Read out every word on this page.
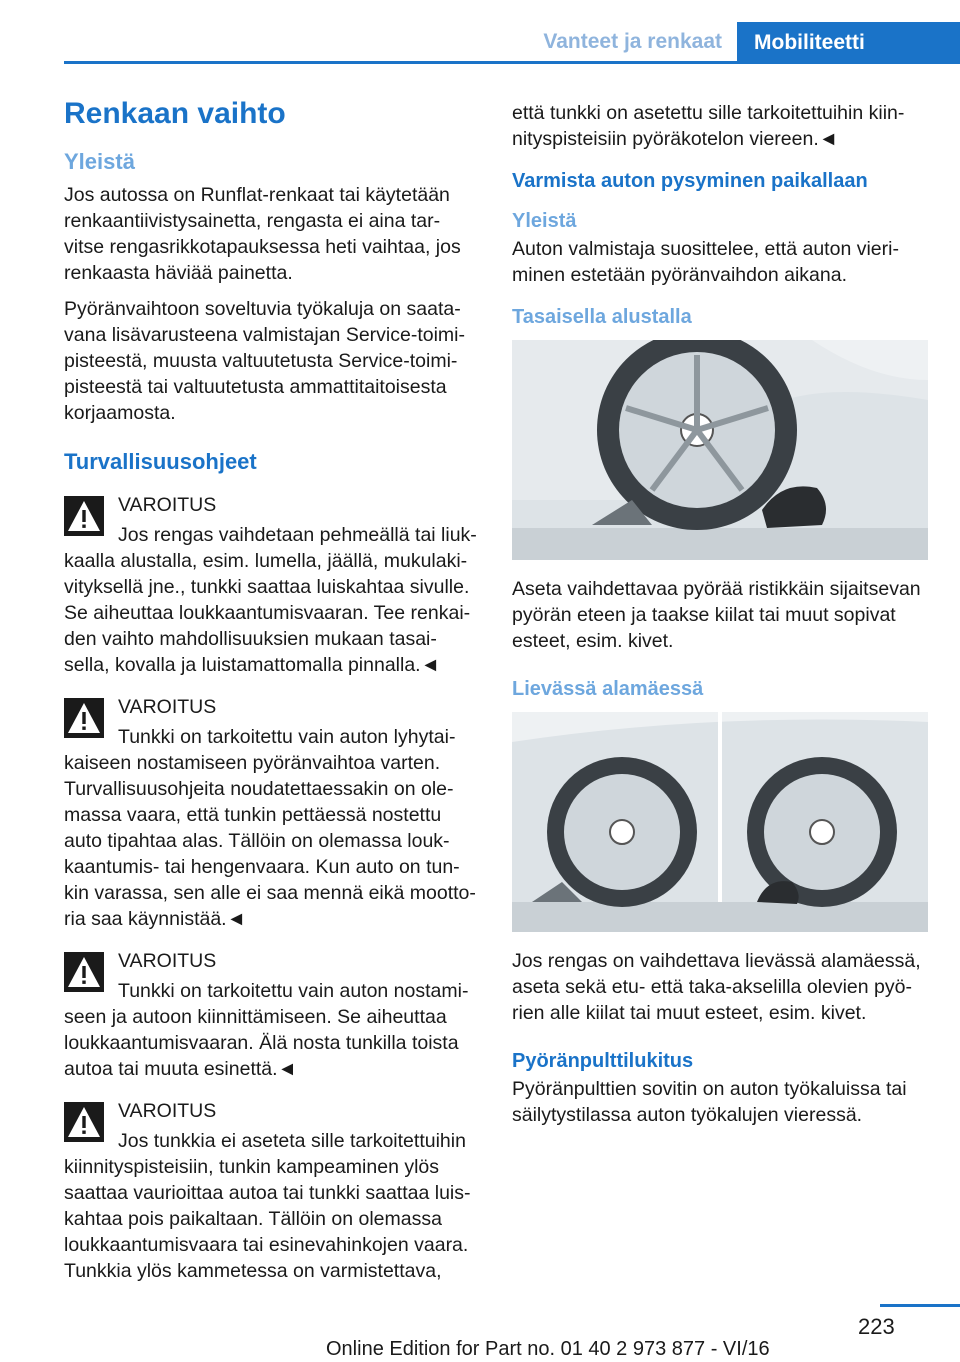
Vanteet ja renkaat	Mobiliteetti
Renkaan vaihto
Yleistä

Jos autossa on Runflat-renkaat tai käytetään renkaantiivistysainetta, rengasta ei aina tar-vitse rengasrikkotapauksessa heti vaihtaa, jos renkaasta häviää painetta.

Pyöränvaihtoon soveltuvia työkaluja on saata-vana lisävarusteena valmistajan Service-toimi-pisteestä, muusta valtuutetusta Service-toimi-pisteestä tai valtuutetusta ammattitaitoisesta korjaamosta.

Turvallisuusohjeet
VAROITUS
Jos rengas vaihdetaan pehmeällä tai liuk-kaalla alustalla, esim. lumella, jäällä, mukulaki-vityksellä jne., tunkki saattaa luiskahtaa sivulle. Se aiheuttaa loukkaantumisvaaran. Tee renkai-den vaihto mahdollisuuksien mukaan tasai-sella, kovalla ja luistamattomalla pinnalla.◄
VAROITUS
Tunkki on tarkoitettu vain auton lyhytai-kaiseen nostamiseen pyöränvaihtoa varten. Turvallisuusohjeita noudatettaessakin on ole-massa vaara, että tunkin pettäessä nostettu auto tipahtaa alas. Tällöin on olemassa louk-kaantumis- tai hengenvaara. Kun auto on tun-kin varassa, sen alle ei saa mennä eikä mootto-ria saa käynnistää.◄
VAROITUS
Tunkki on tarkoitettu vain auton nostami-seen ja autoon kiinnittämiseen. Se aiheuttaa loukkaantumisvaaran. Älä nosta tunkilla toista autoa tai muuta esinettä.◄
VAROITUS
Jos tunkkia ei aseteta sille tarkoitettuihin kiinnityspisteisiin, tunkin kampeaminen ylös saattaa vaurioittaa autoa tai tunkki saattaa luis-kahtaa pois paikaltaan. Tällöin on olemassa loukkaantumisvaara tai esinevahinkojen vaara. Tunkkia ylös kammetessa on varmistettava,

että tunkki on asetettu sille tarkoitettuihin kiin-nityspisteisiin pyöräkotelon viereen.◄

Varmista auton pysyminen paikallaan
Yleistä

Auton valmistaja suosittelee, että auton vieri-minen estetään pyöränvaihdon aikana.

Tasaisella alustalla

Aseta vaihdettavaa pyörää ristikkäin sijaitsevan pyörän eteen ja taakse kiilat tai muut sopivat esteet, esim. kivet.

Lievässä alamäessä

Jos rengas on vaihdettava lievässä alamäessä, aseta sekä etu- että taka-akselilla olevien pyö-rien alle kiilat tai muut esteet, esim. kivet.

Pyöränpulttilukitus

Pyöränpulttien sovitin on auton työkaluissa tai säilytystilassa auton työkalujen vieressä.

223
Online Edition for Part no. 01 40 2 973 877 - VI/16
